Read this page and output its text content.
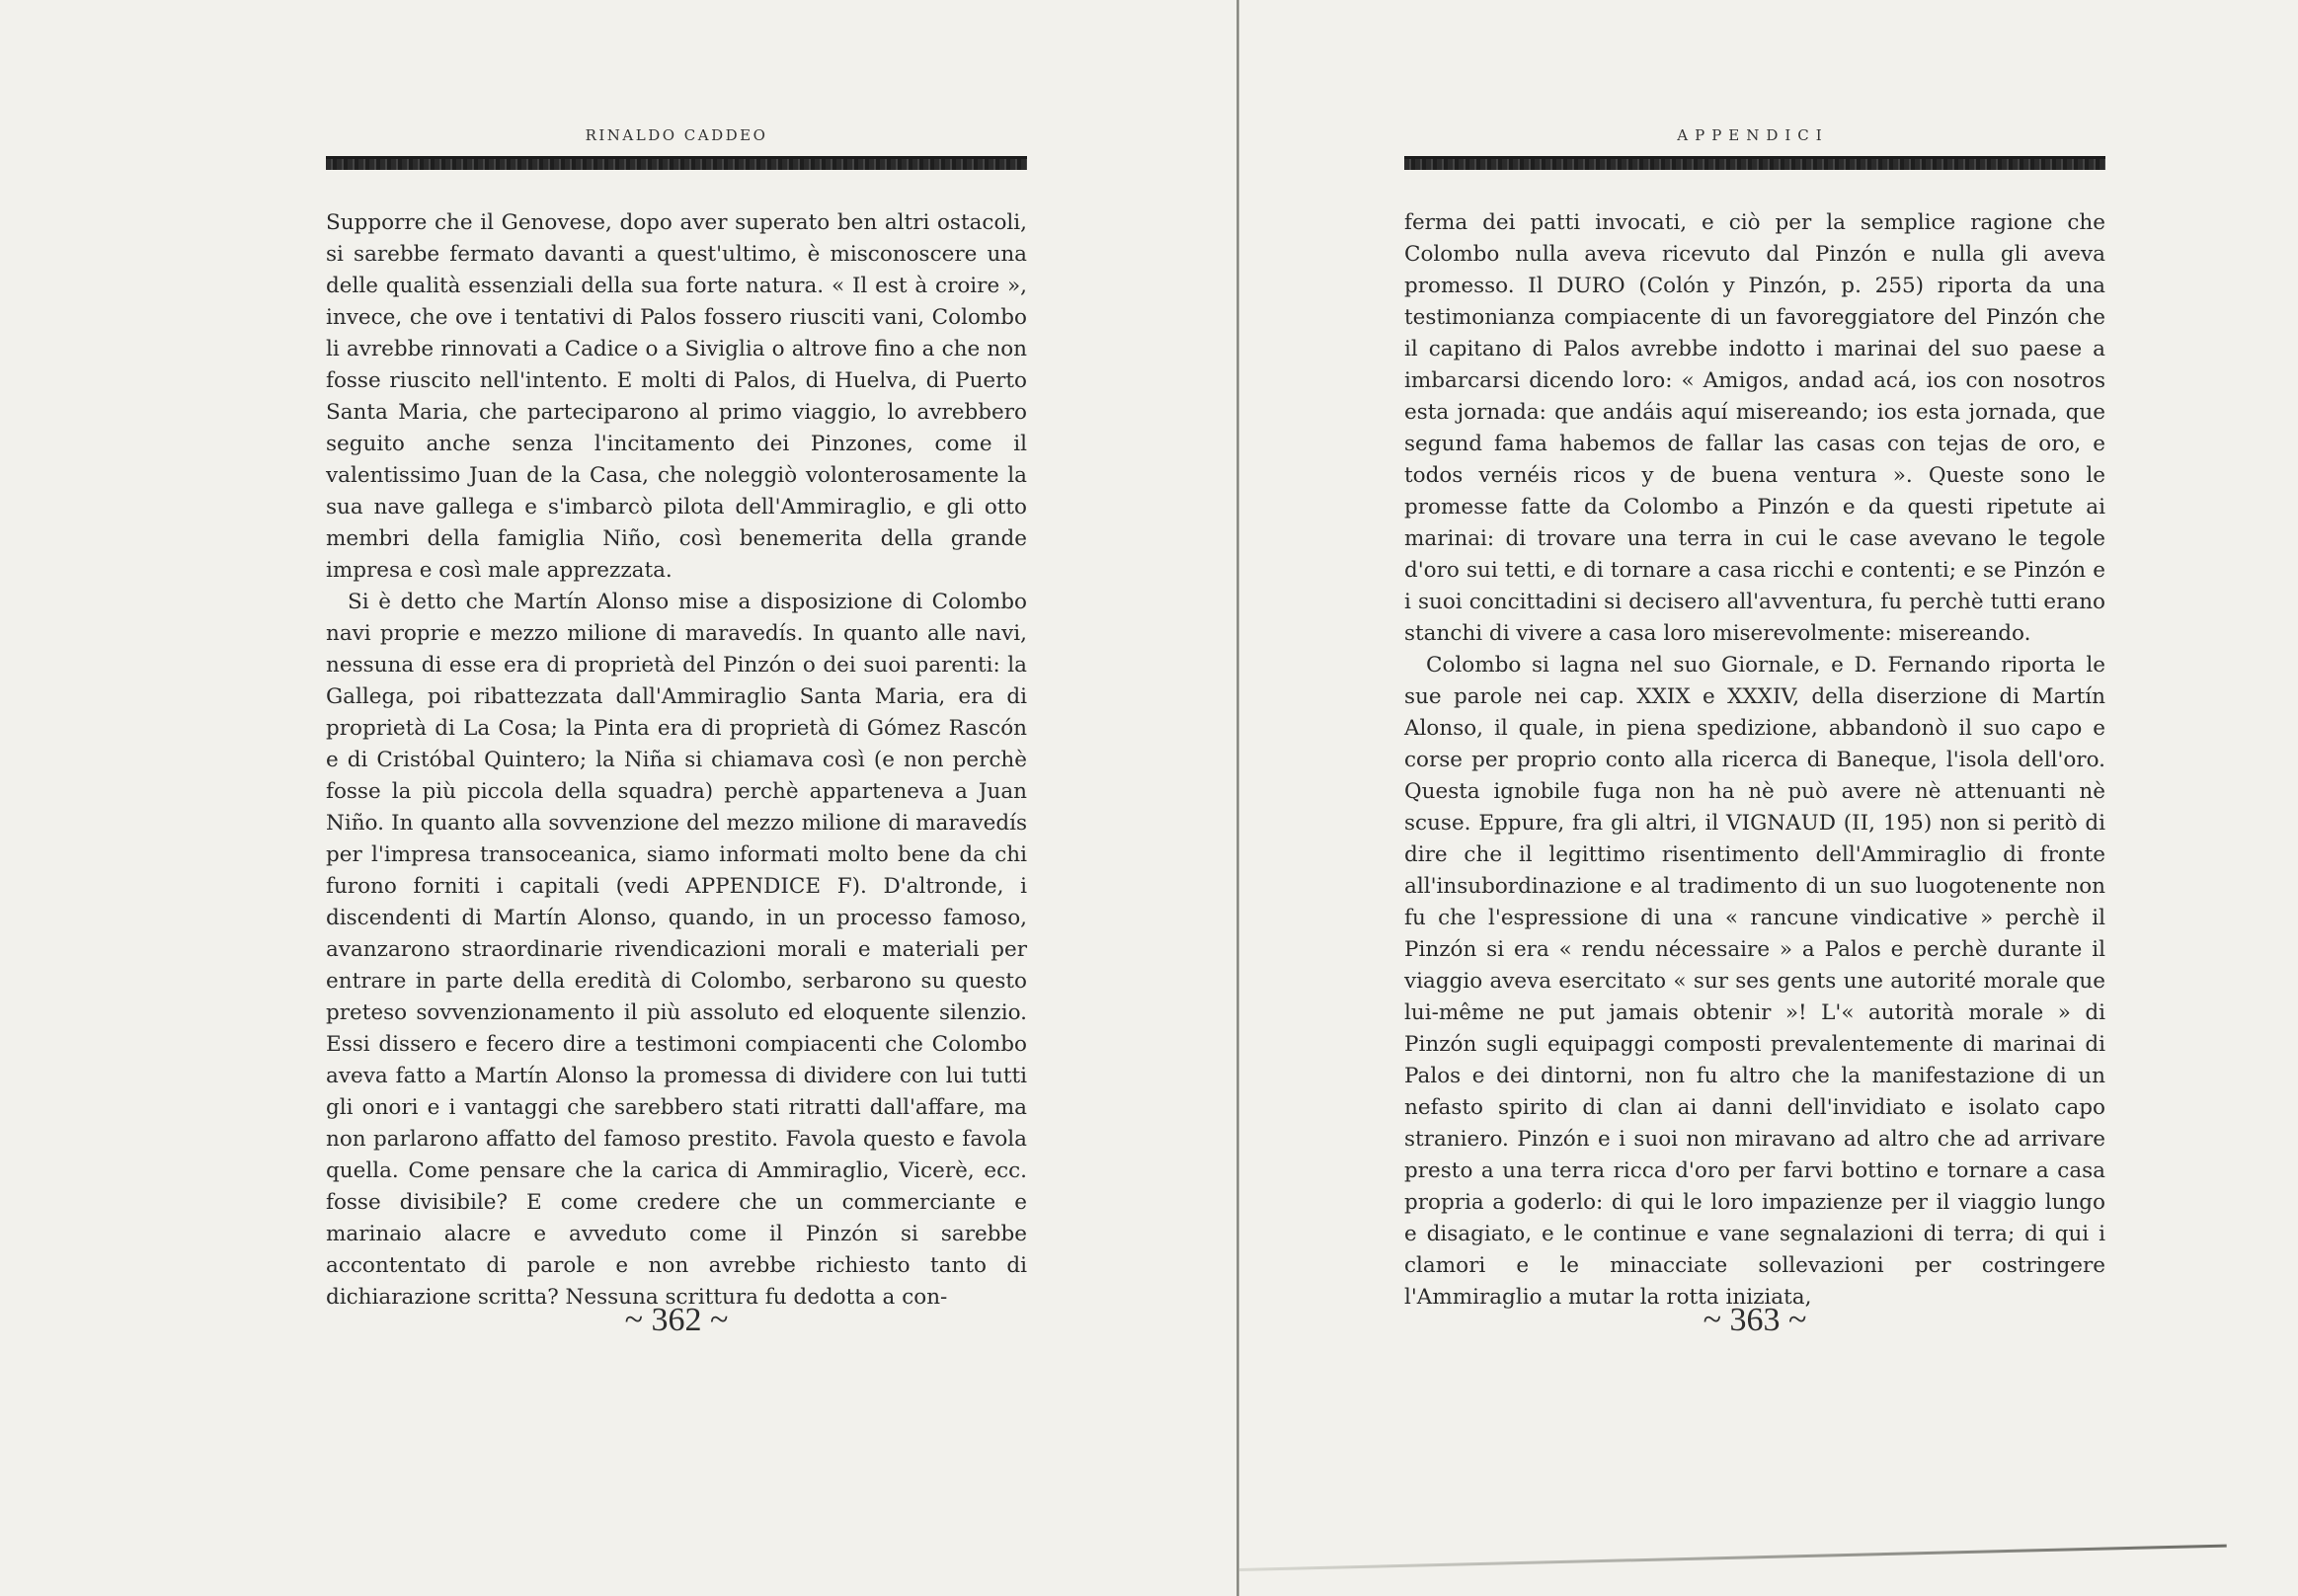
RINALDO CADDEO

Supporre che il Genovese, dopo aver superato ben altri ostacoli, si sarebbe fermato davanti a quest'ultimo, è misconoscere una delle qualità essenziali della sua forte natura. « Il est à croire », invece, che ove i tentativi di Palos fossero riusciti vani, Colombo li avrebbe rinnovati a Cadice o a Siviglia o altrove fino a che non fosse riuscito nell'intento. E molti di Palos, di Huelva, di Puerto Santa Maria, che parteciparono al primo viaggio, lo avrebbero seguito anche senza l'incitamento dei Pinzones, come il valentissimo Juan de la Casa, che noleggiò volonterosamente la sua nave gallega e s'imbarcò pilota dell'Ammiraglio, e gli otto membri della famiglia Niño, così benemerita della grande impresa e così male apprezzata.

Si è detto che Martín Alonso mise a disposizione di Colombo navi proprie e mezzo milione di maravedís. In quanto alle navi, nessuna di esse era di proprietà del Pinzón o dei suoi parenti: la Gallega, poi ribattezzata dall'Ammiraglio Santa Maria, era di proprietà di La Cosa; la Pinta era di proprietà di Gómez Rascón e di Cristóbal Quintero; la Niña si chiamava così (e non perchè fosse la più piccola della squadra) perchè apparteneva a Juan Niño. In quanto alla sovvenzione del mezzo milione di maravedís per l'impresa transoceanica, siamo informati molto bene da chi furono forniti i capitali (vedi APPENDICE F). D'altronde, i discendenti di Martín Alonso, quando, in un processo famoso, avanzarono straordinarie rivendicazioni morali e materiali per entrare in parte della eredità di Colombo, serbarono su questo preteso sovvenzionamento il più assoluto ed eloquente silenzio. Essi dissero e fecero dire a testimoni compiacenti che Colombo aveva fatto a Martín Alonso la promessa di dividere con lui tutti gli onori e i vantaggi che sarebbero stati ritratti dall'affare, ma non parlarono affatto del famoso prestito. Favola questo e favola quella. Come pensare che la carica di Ammiraglio, Vicerè, ecc. fosse divisibile? E come credere che un commerciante e marinaio alacre e avveduto come il Pinzón si sarebbe accontentato di parole e non avrebbe richiesto tanto di dichiarazione scritta? Nessuna scrittura fu dedotta a con-

~ 362 ~
APPENDICI

ferma dei patti invocati, e ciò per la semplice ragione che Colombo nulla aveva ricevuto dal Pinzón e nulla gli aveva promesso. Il DURO (Colón y Pinzón, p. 255) riporta da una testimonianza compiacente di un favoreggiatore del Pinzón che il capitano di Palos avrebbe indotto i marinai del suo paese a imbarcarsi dicendo loro: « Amigos, andad acá, ios con nosotros esta jornada: que andáis aquí misereando; ios esta jornada, que segund fama habemos de fallar las casas con tejas de oro, e todos vernéis ricos y de buena ventura ». Queste sono le promesse fatte da Colombo a Pinzón e da questi ripetute ai marinai: di trovare una terra in cui le case avevano le tegole d'oro sui tetti, e di tornare a casa ricchi e contenti; e se Pinzón e i suoi concittadini si decisero all'avventura, fu perchè tutti erano stanchi di vivere a casa loro miserevolmente: misereando.

Colombo si lagna nel suo Giornale, e D. Fernando riporta le sue parole nei cap. XXIX e XXXIV, della diserzione di Martín Alonso, il quale, in piena spedizione, abbandonò il suo capo e corse per proprio conto alla ricerca di Baneque, l'isola dell'oro. Questa ignobile fuga non ha nè può avere nè attenuanti nè scuse. Eppure, fra gli altri, il VIGNAUD (II, 195) non si peritò di dire che il legittimo risentimento dell'Ammiraglio di fronte all'insubordinazione e al tradimento di un suo luogotenente non fu che l'espressione di una « rancune vindicative » perchè il Pinzón si era « rendu nécessaire » a Palos e perchè durante il viaggio aveva esercitato « sur ses gents une autorité morale que lui-même ne put jamais obtenir »! L'« autorità morale » di Pinzón sugli equipaggi composti prevalentemente di marinai di Palos e dei dintorni, non fu altro che la manifestazione di un nefasto spirito di clan ai danni dell'invidiato e isolato capo straniero. Pinzón e i suoi non miravano ad altro che ad arrivare presto a una terra ricca d'oro per farvi bottino e tornare a casa propria a goderlo: di qui le loro impazienze per il viaggio lungo e disagiato, e le continue e vane segnalazioni di terra; di qui i clamori e le minacciate sollevazioni per costringere l'Ammiraglio a mutar la rotta iniziata,

~ 363 ~
